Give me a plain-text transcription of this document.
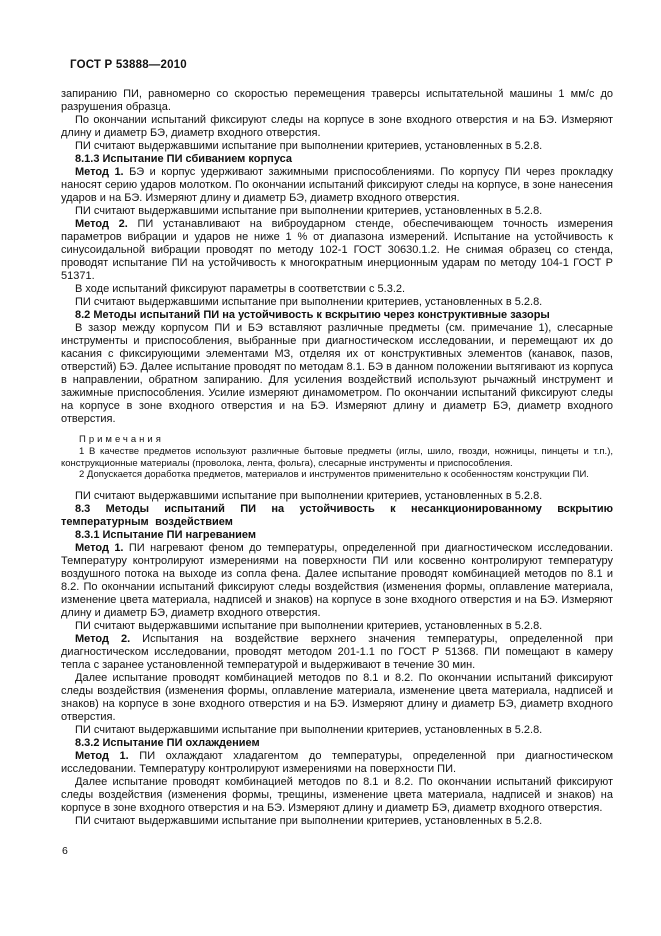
ГОСТ Р 53888—2010

запиранию ПИ, равномерно со скоростью перемещения траверсы испытательной машины 1 мм/с до разрушения образца.

По окончании испытаний фиксируют следы на корпусе в зоне входного отверстия и на БЭ. Измеряют длину и диаметр БЭ, диаметр входного отверстия.

ПИ считают выдержавшими испытание при выполнении критериев, установленных в 5.2.8.

8.1.3 Испытание ПИ сбиванием корпуса

Метод 1. БЭ и корпус удерживают зажимными приспособлениями. По корпусу ПИ через прокладку наносят серию ударов молотком. По окончании испытаний фиксируют следы на корпусе, в зоне нанесения ударов и на БЭ. Измеряют длину и диаметр БЭ, диаметр входного отверстия.

ПИ считают выдержавшими испытание при выполнении критериев, установленных в 5.2.8.

Метод 2. ПИ устанавливают на виброударном стенде, обеспечивающем точность измерения параметров вибрации и ударов не ниже 1 % от диапазона измерений. Испытание на устойчивость к синусоидальной вибрации проводят по методу 102-1 ГОСТ 30630.1.2. Не снимая образец со стенда, проводят испытание ПИ на устойчивость к многократным инерционным ударам по методу 104-1 ГОСТ Р 51371.

В ходе испытаний фиксируют параметры в соответствии с 5.3.2.

ПИ считают выдержавшими испытание при выполнении критериев, установленных в 5.2.8.

8.2 Методы испытаний ПИ на устойчивость к вскрытию через конструктивные зазоры

В зазор между корпусом ПИ и БЭ вставляют различные предметы (см. примечание 1), слесарные инструменты и приспособления, выбранные при диагностическом исследовании, и перемещают их до касания с фиксирующими элементами МЗ, отделяя их от конструктивных элементов (канавок, пазов, отверстий) БЭ. Далее испытание проводят по методам 8.1. БЭ в данном положении вытягивают из корпуса в направлении, обратном запиранию. Для усиления воздействий используют рычажный инструмент и зажимные приспособления. Усилие измеряют динамометром. По окончании испытаний фиксируют следы на корпусе в зоне входного отверстия и на БЭ. Измеряют длину и диаметр БЭ, диаметр входного отверстия.

Примечания

1 В качестве предметов используют различные бытовые предметы (иглы, шило, гвозди, ножницы, пинцеты и т.п.), конструкционные материалы (проволока, лента, фольга), слесарные инструменты и приспособления.

2 Допускается доработка предметов, материалов и инструментов применительно к особенностям конструкции ПИ.

ПИ считают выдержавшими испытание при выполнении критериев, установленных в 5.2.8.

8.3 Методы испытаний ПИ на устойчивость к несанкционированному вскрытию температурным воздействием

8.3.1 Испытание ПИ нагреванием

Метод 1. ПИ нагревают феном до температуры, определенной при диагностическом исследовании. Температуру контролируют измерениями на поверхности ПИ или косвенно контролируют температуру воздушного потока на выходе из сопла фена. Далее испытание проводят комбинацией методов по 8.1 и 8.2. По окончании испытаний фиксируют следы воздействия (изменения формы, оплавление материала, изменение цвета материала, надписей и знаков) на корпусе в зоне входного отверстия и на БЭ. Измеряют длину и диаметр БЭ, диаметр входного отверстия.

ПИ считают выдержавшими испытание при выполнении критериев, установленных в 5.2.8.

Метод 2. Испытания на воздействие верхнего значения температуры, определенной при диагностическом исследовании, проводят методом 201-1.1 по ГОСТ Р 51368. ПИ помещают в камеру тепла с заранее установленной температурой и выдерживают в течение 30 мин.

Далее испытание проводят комбинацией методов по 8.1 и 8.2. По окончании испытаний фиксируют следы воздействия (изменения формы, оплавление материала, изменение цвета материала, надписей и знаков) на корпусе в зоне входного отверстия и на БЭ. Измеряют длину и диаметр БЭ, диаметр входного отверстия.

ПИ считают выдержавшими испытание при выполнении критериев, установленных в 5.2.8.

8.3.2 Испытание ПИ охлаждением

Метод 1. ПИ охлаждают хладагентом до температуры, определенной при диагностическом исследовании. Температуру контролируют измерениями на поверхности ПИ.

Далее испытание проводят комбинацией методов по 8.1 и 8.2. По окончании испытаний фиксируют следы воздействия (изменения формы, трещины, изменение цвета материала, надписей и знаков) на корпусе в зоне входного отверстия и на БЭ. Измеряют длину и диаметр БЭ, диаметр входного отверстия.

ПИ считают выдержавшими испытание при выполнении критериев, установленных в 5.2.8.

6
